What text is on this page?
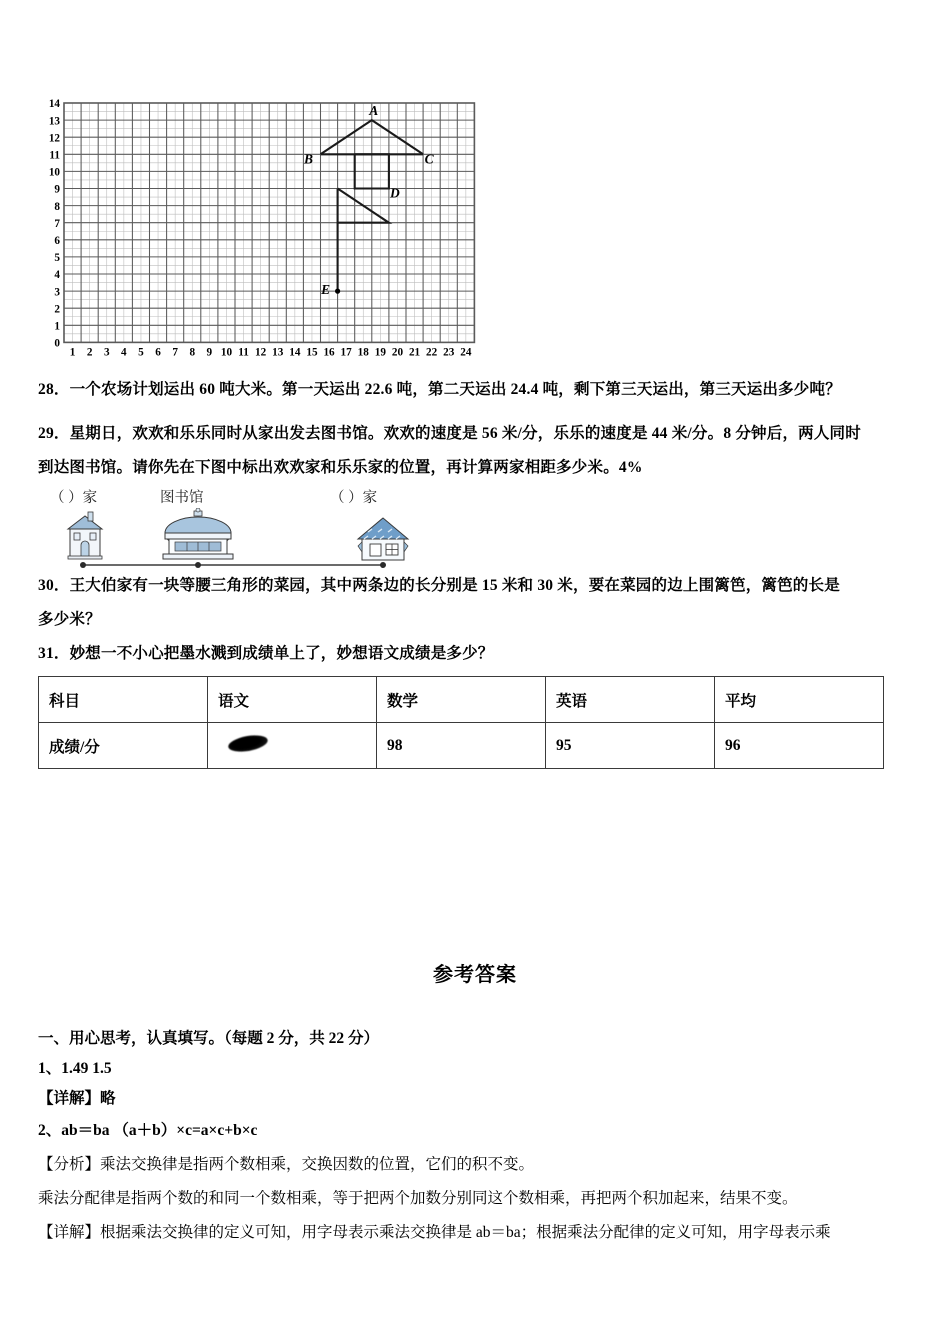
0
1
2
3
4
5
6
7
8
9
10
11
12
13
14
1 2 3 4 5 6 7 8 9 10 11 12 13 14 15 16 17 18 19 20 21 22 23 24
A
B	C
D
E
28．一个农场计划运出 60 吨大米。第一天运出 22.6 吨，第二天运出 24.4 吨，剩下第三天运出，第三天运出多少吨？
29．星期日，欢欢和乐乐同时从家出发去图书馆。欢欢的速度是 56 米/分，乐乐的速度是 44 米/分。8 分钟后，两人同时
到达图书馆。请你先在下图中标出欢欢家和乐乐家的位置，再计算两家相距多少米。4%
（ ）家	图书馆	（ ）家
30．王大伯家有一块等腰三角形的菜园，其中两条边的长分别是 15 米和 30 米，要在菜园的边上围篱笆，篱笆的长是
多少米？
31．妙想一不小心把墨水溅到成绩单上了，妙想语文成绩是多少？
科目	语文	数学	英语	平均
成绩/分		98	95	96
参考答案
一、用心思考，认真填写。（每题 2 分，共 22 分）
1、1.49 1.5
【详解】略
2、ab＝ba （a＋b）×c=a×c+b×c
【分析】乘法交换律是指两个数相乘，交换因数的位置，它们的积不变。
乘法分配律是指两个数的和同一个数相乘，等于把两个加数分别同这个数相乘，再把两个积加起来，结果不变。
【详解】根据乘法交换律的定义可知，用字母表示乘法交换律是 ab＝ba；根据乘法分配律的定义可知，用字母表示乘
